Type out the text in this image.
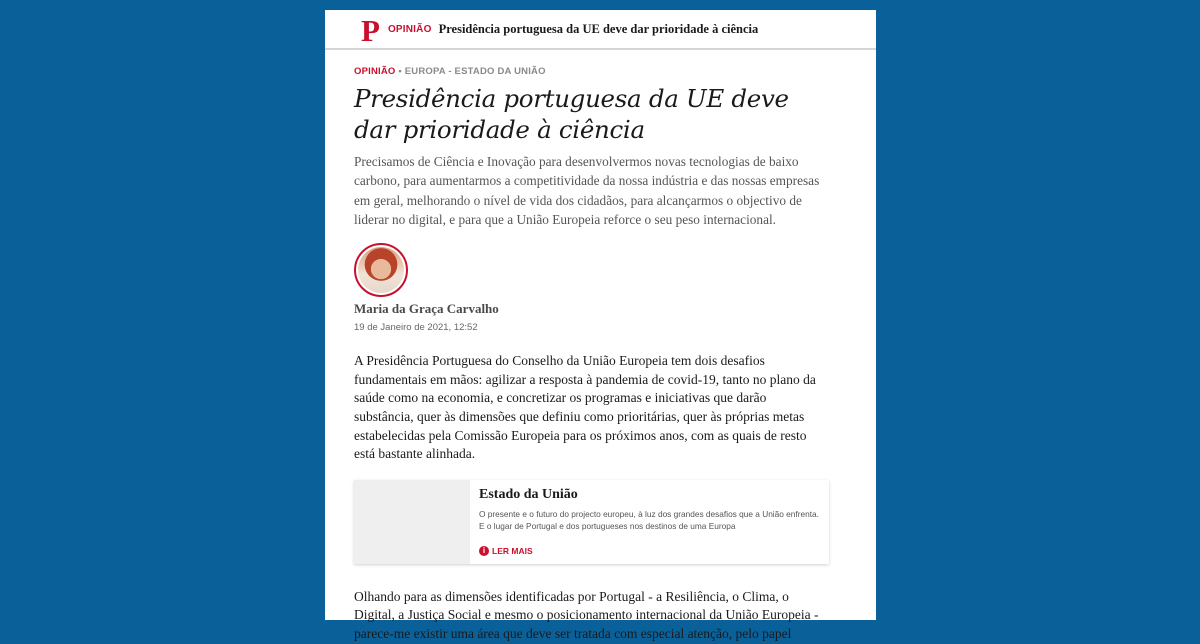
P OPINIÃO Presidência portuguesa da UE deve dar prioridade à ciência
OPINIÃO • EUROPA - ESTADO DA UNIÃO
Presidência portuguesa da UE deve dar prioridade à ciência
Precisamos de Ciência e Inovação para desenvolvermos novas tecnologias de baixo carbono, para aumentarmos a competitividade da nossa indústria e das nossas empresas em geral, melhorando o nível de vida dos cidadãos, para alcançarmos o objectivo de liderar no digital, e para que a União Europeia reforce o seu peso internacional.
Maria da Graça Carvalho
19 de Janeiro de 2021, 12:52
A Presidência Portuguesa do Conselho da União Europeia tem dois desafios fundamentais em mãos: agilizar a resposta à pandemia de covid-19, tanto no plano da saúde como na economia, e concretizar os programas e iniciativas que darão substância, quer às dimensões que definiu como prioritárias, quer às próprias metas estabelecidas pela Comissão Europeia para os próximos anos, com as quais de resto está bastante alinhada.
Estado da União
O presente e o futuro do projecto europeu, à luz dos grandes desafios que a União enfrenta. E o lugar de Portugal e dos portugueses nos destinos de uma Europa
i LER MAIS
Olhando para as dimensões identificadas por Portugal - a Resiliência, o Clima, o Digital, a Justiça Social e mesmo o posicionamento internacional da União Europeia - parece-me existir uma área que deve ser tratada com especial atenção, pelo papel
